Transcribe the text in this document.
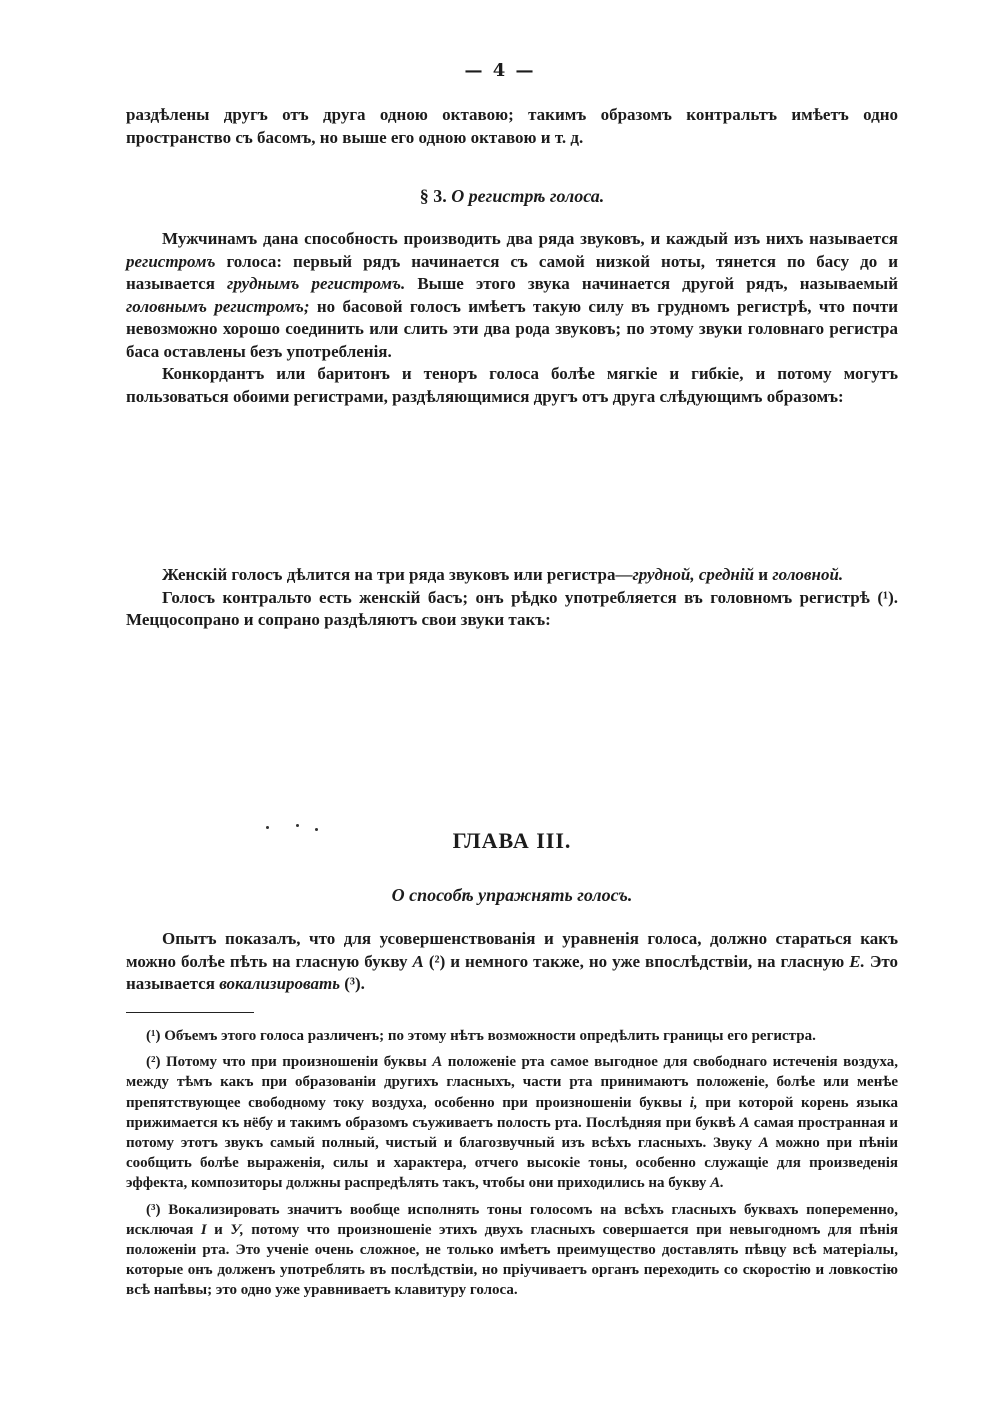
— 4 —

раздѣлены другъ отъ друга одною октавою; такимъ образомъ контральтъ имѣетъ одно пространство съ басомъ, но выше его одною октавою и т. д.

§ 3. О регистрѣ голоса.

Мужчинамъ дана способность производить два ряда звуковъ, и каждый изъ нихъ называется регистромъ голоса: первый рядъ начинается съ самой низкой ноты, тянется по басу до и называется груднымъ регистромъ. Выше этого звука начинается другой рядъ, называемый головнымъ регистромъ; но басовой голосъ имѣетъ такую силу въ грудномъ регистрѣ, что почти невозможно хорошо соединить или слить эти два рода звуковъ; по этому звуки головнаго регистра баса оставлены безъ употребленія.

Конкордантъ или баритонъ и теноръ голоса болѣе мягкіе и гибкіе, и потому могутъ пользоваться обоими регистрами, раздѣляющимися другъ отъ друга слѣдующимъ образомъ:

Женскій голосъ дѣлится на три ряда звуковъ или регистра—грудной, средній и головной.

Голосъ контральто есть женскій басъ; онъ рѣдко употребляется въ головномъ регистрѣ (¹). Меццосопрано и сопрано раздѣляютъ свои звуки такъ:

ГЛАВА III.

О способѣ упражнять голосъ.

Опытъ показалъ, что для усовершенствованія и уравненія голоса, должно стараться какъ можно болѣе пѣть на гласную букву А (²) и немного также, но уже впослѣдствіи, на гласную Е. Это называется вокализировать (³).

(¹) Объемъ этого голоса различенъ; по этому нѣтъ возможности опредѣлить границы его регистра.

(²) Потому что при произношеніи буквы А положеніе рта самое выгодное для свободнаго истеченія воздуха, между тѣмъ какъ при образованіи другихъ гласныхъ, части рта принимаютъ положеніе, болѣе или менѣе препятствующее свободному току воздуха, особенно при произношеніи буквы i, при которой корень языка прижимается къ нёбу и такимъ образомъ съуживаетъ полость рта. Послѣдняя при буквѣ А самая пространная и потому этотъ звукъ самый полный, чистый и благозвучный изъ всѣхъ гласныхъ. Звуку А можно при пѣніи сообщить болѣе выраженія, силы и характера, отчего высокіе тоны, особенно служащіе для произведенія эффекта, композиторы должны распредѣлять такъ, чтобы они приходились на букву А.

(³) Вокализировать значитъ вообще исполнять тоны голосомъ на всѣхъ гласныхъ буквахъ попеременно, исключая I и У, потому что произношеніе этихъ двухъ гласныхъ совершается при невыгодномъ для пѣнія положеніи рта. Это ученіе очень сложное, не только имѣетъ преимущество доставлять пѣвцу всѣ матеріалы, которые онъ долженъ употреблять въ послѣдствіи, но пріучиваетъ органъ переходить со скоростію и ловкостію всѣ напѣвы; это одно уже уравниваетъ клавитуру голоса.
